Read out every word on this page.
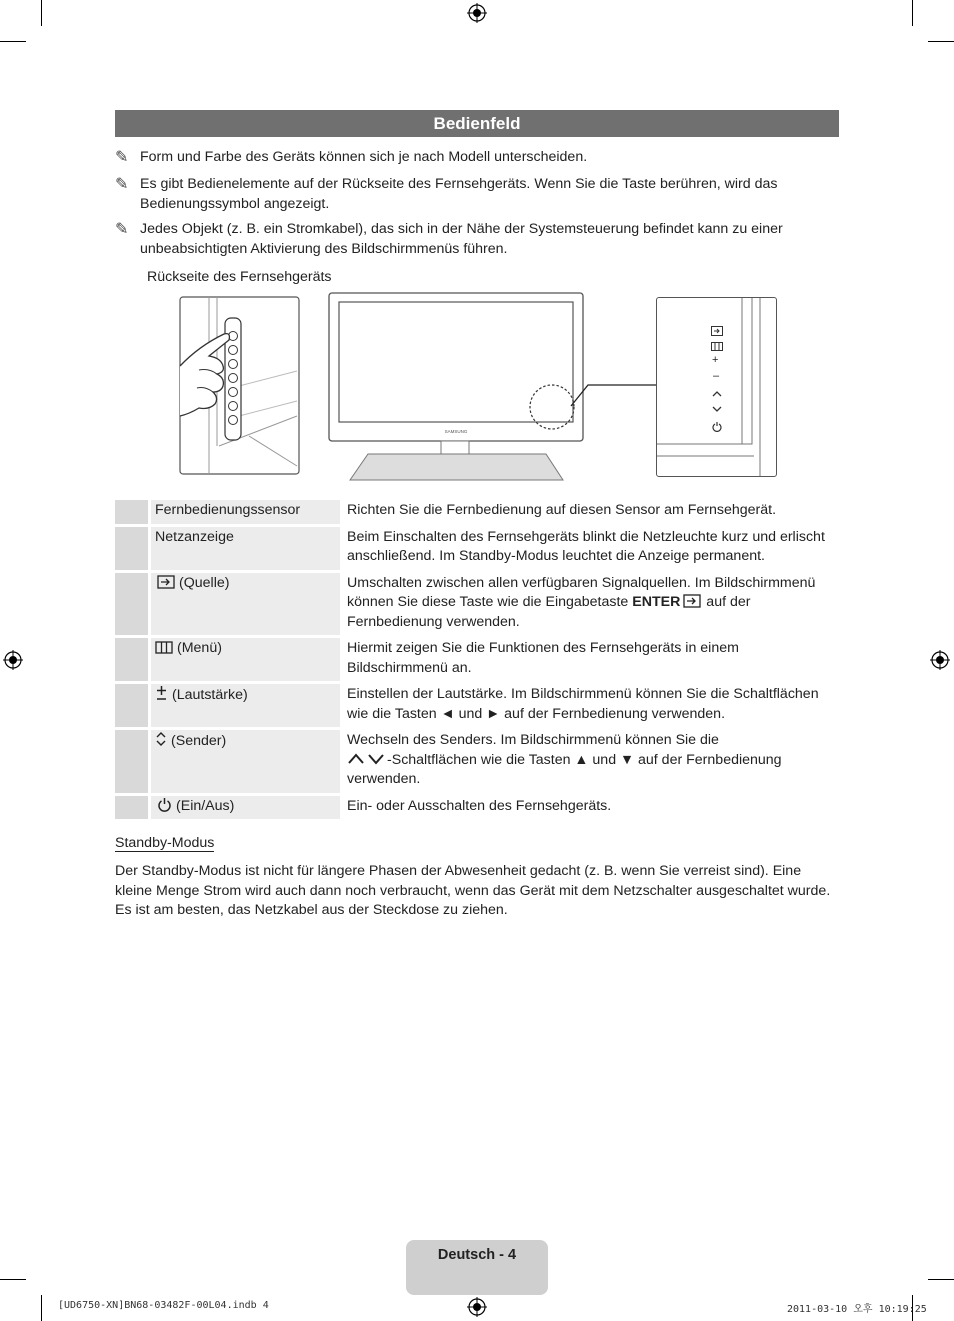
Bedienfeld
✎ Form und Farbe des Geräts können sich je nach Modell unterscheiden.
✎ Es gibt Bedienelemente auf der Rückseite des Fernsehgeräts. Wenn Sie die Taste berühren, wird das Bedienungssymbol angezeigt.
✎ Jedes Objekt (z. B. ein Stromkabel), das sich in der Nähe der Systemsteuerung befindet kann zu einer unbeabsichtigten Aktivierung des Bildschirmmenüs führen.
Rückseite des Fernsehgeräts
SAMSUNG
+
–
	Fernbedienungssensor	Richten Sie die Fernbedienung auf diesen Sensor am Fernsehgerät.
	Netzanzeige	Beim Einschalten des Fernsehgeräts blinkt die Netzleuchte kurz und erlischt anschließend. Im Standby-Modus leuchtet die Anzeige permanent.
	(Quelle)	Umschalten zwischen allen verfügbaren Signalquellen. Im Bildschirmmenü können Sie diese Taste wie die Eingabetaste ENTER auf der Fernbedienung verwenden.
	(Menü)	Hiermit zeigen Sie die Funktionen des Fernsehgeräts in einem Bildschirmmenü an.
	(Lautstärke)	Einstellen der Lautstärke. Im Bildschirmmenü können Sie die Schaltflächen wie die Tasten ◄ und ► auf der Fernbedienung verwenden.
	(Sender)	Wechseln des Senders. Im Bildschirmmenü können Sie die
-Schaltflächen wie die Tasten ▲ und ▼ auf der Fernbedienung verwenden.
	(Ein/Aus)	Ein- oder Ausschalten des Fernsehgeräts.
Standby-Modus
Der Standby-Modus ist nicht für längere Phasen der Abwesenheit gedacht (z. B. wenn Sie verreist sind). Eine kleine Menge Strom wird auch dann noch verbraucht, wenn das Gerät mit dem Netzschalter ausgeschaltet wurde. Es ist am besten, das Netzkabel aus der Steckdose zu ziehen.
Deutsch - 4
[UD6750-XN]BN68-03482F-00L04.indb 4	2011-03-10 오후 10:19:25
